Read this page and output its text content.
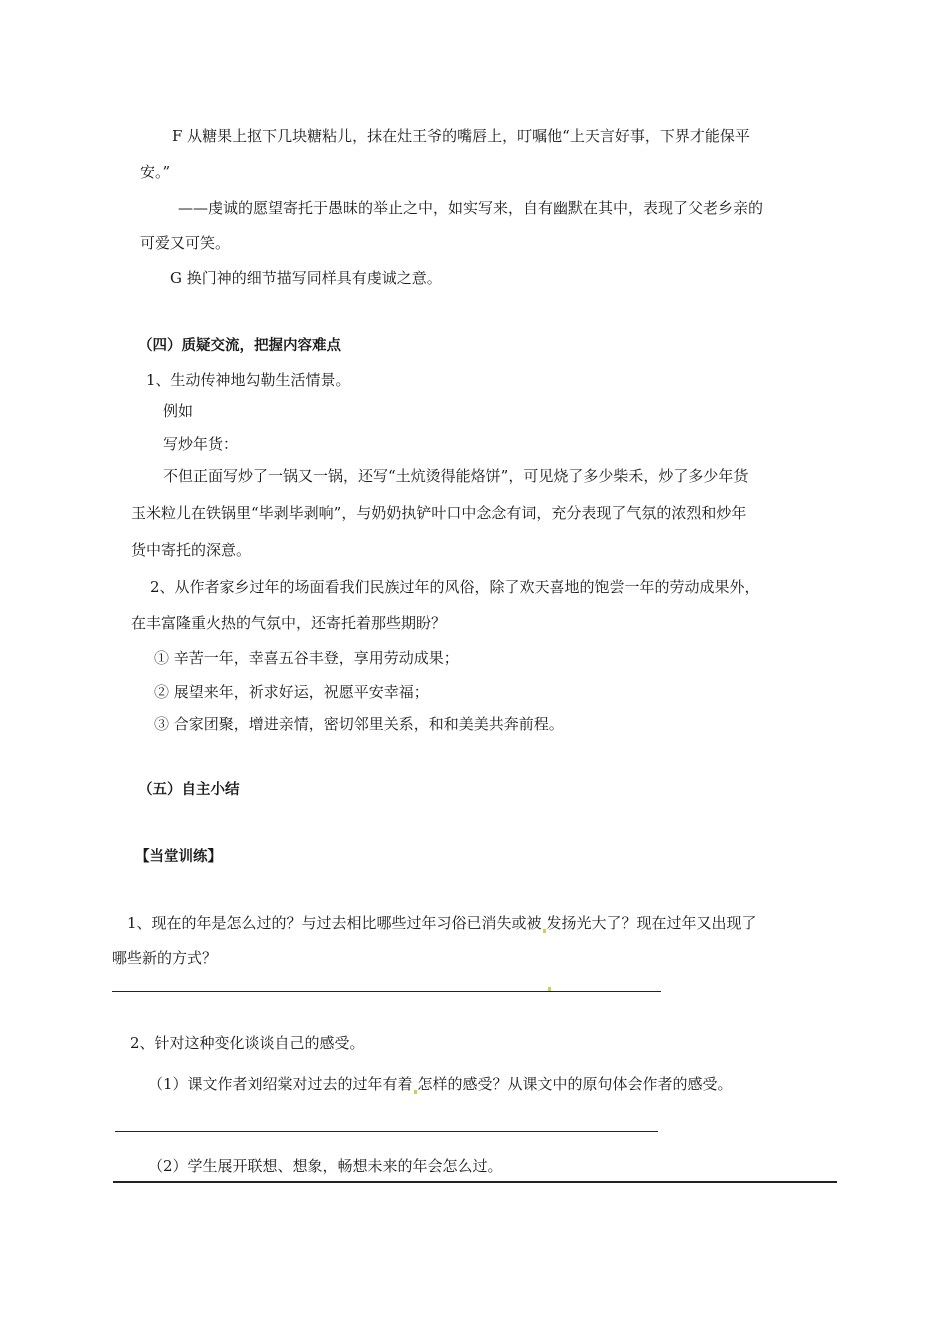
F 从糖果上抠下几块糖粘儿，抹在灶王爷的嘴唇上，叮嘱他“上天言好事，下界才能保平
安。”
——虔诚的愿望寄托于愚昧的举止之中，如实写来，自有幽默在其中，表现了父老乡亲的
可爱又可笑。
G 换门神的细节描写同样具有虔诚之意。
（四）质疑交流，把握内容难点
1、生动传神地勾勒生活情景。
例如
写炒年货：
不但正面写炒了一锅又一锅，还写“土炕烫得能烙饼”，可见烧了多少柴禾，炒了多少年货
玉米粒儿在铁锅里“毕剥毕剥响”，与奶奶执铲叶口中念念有词，充分表现了气氛的浓烈和炒年
货中寄托的深意。
2、从作者家乡过年的场面看我们民族过年的风俗，除了欢天喜地的饱尝一年的劳动成果外，
在丰富隆重火热的气氛中，还寄托着那些期盼？
① 辛苦一年，幸喜五谷丰登，享用劳动成果；
② 展望来年，祈求好运，祝愿平安幸福；
③ 合家团聚，增进亲情，密切邻里关系，和和美美共奔前程。
（五）自主小结
【当堂训练】
1、现在的年是怎么过的？与过去相比哪些过年习俗已消失或被 发扬光大了？现在过年又出现了
哪些新的方式？
2、针对这种变化谈谈自己的感受。
（1）课文作者刘绍棠对过去的过年有着 怎样的感受？从课文中的原句体会作者的感受。
（2）学生展开联想、想象，畅想未来的年会怎么过。
